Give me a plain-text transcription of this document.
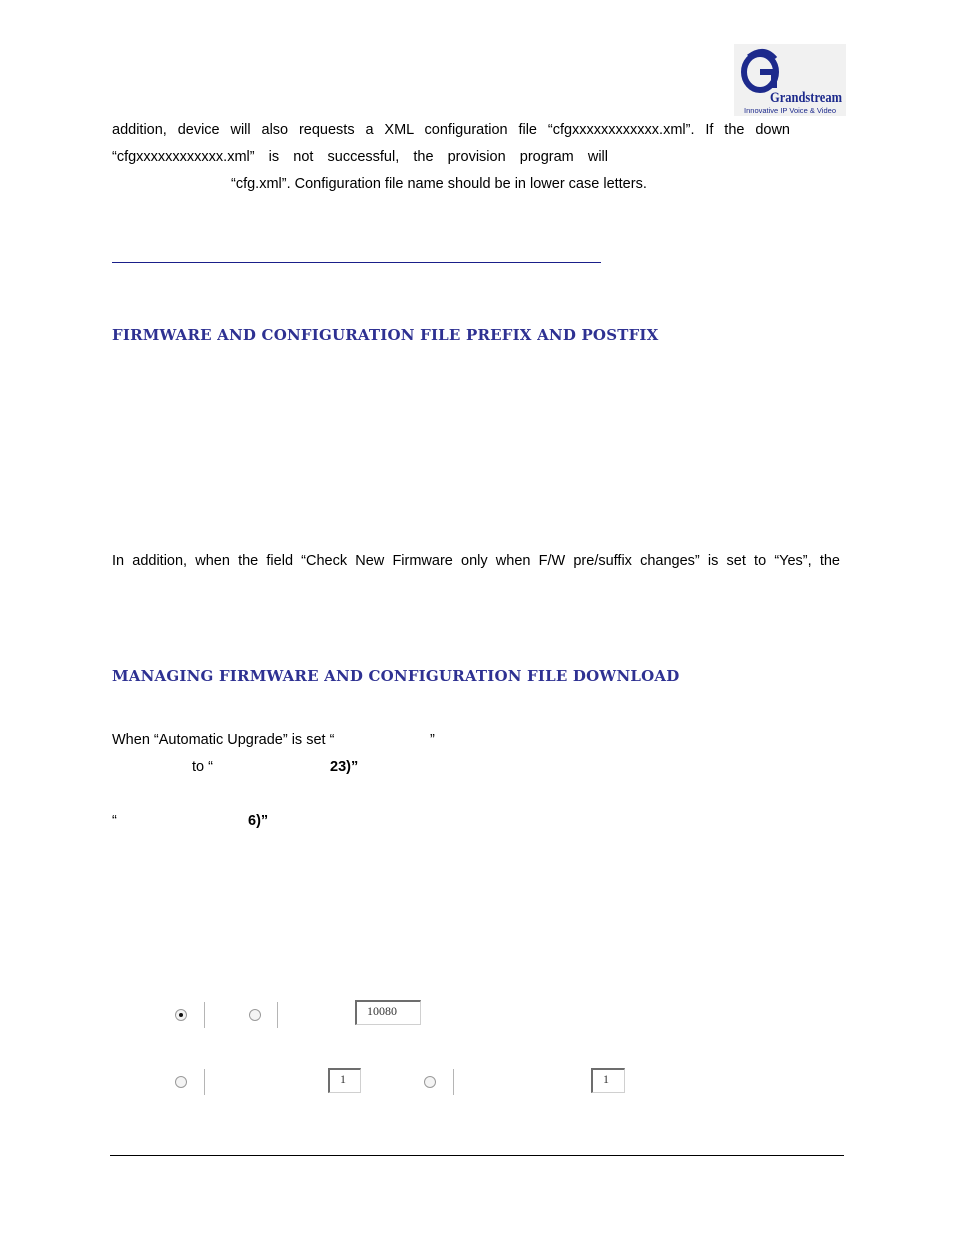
Grandstream
Innovative IP Voice & Video
addition, device will also requests a XML configuration file “cfgxxxxxxxxxxxx.xml”. If the down
“cfgxxxxxxxxxxxx.xml” is not successful, the provision program will
“cfg.xml”. Configuration file name should be in lower case letters.
FIRMWARE AND CONFIGURATION FILE PREFIX AND POSTFIX
In addition, when the field “Check New Firmware only when F/W pre/suffix changes” is set to “Yes”, the
MANAGING FIRMWARE AND CONFIGURATION FILE DOWNLOAD
When “Automatic Upgrade” is set “	”
to “	23)”
“	6)”
10080
1	1
